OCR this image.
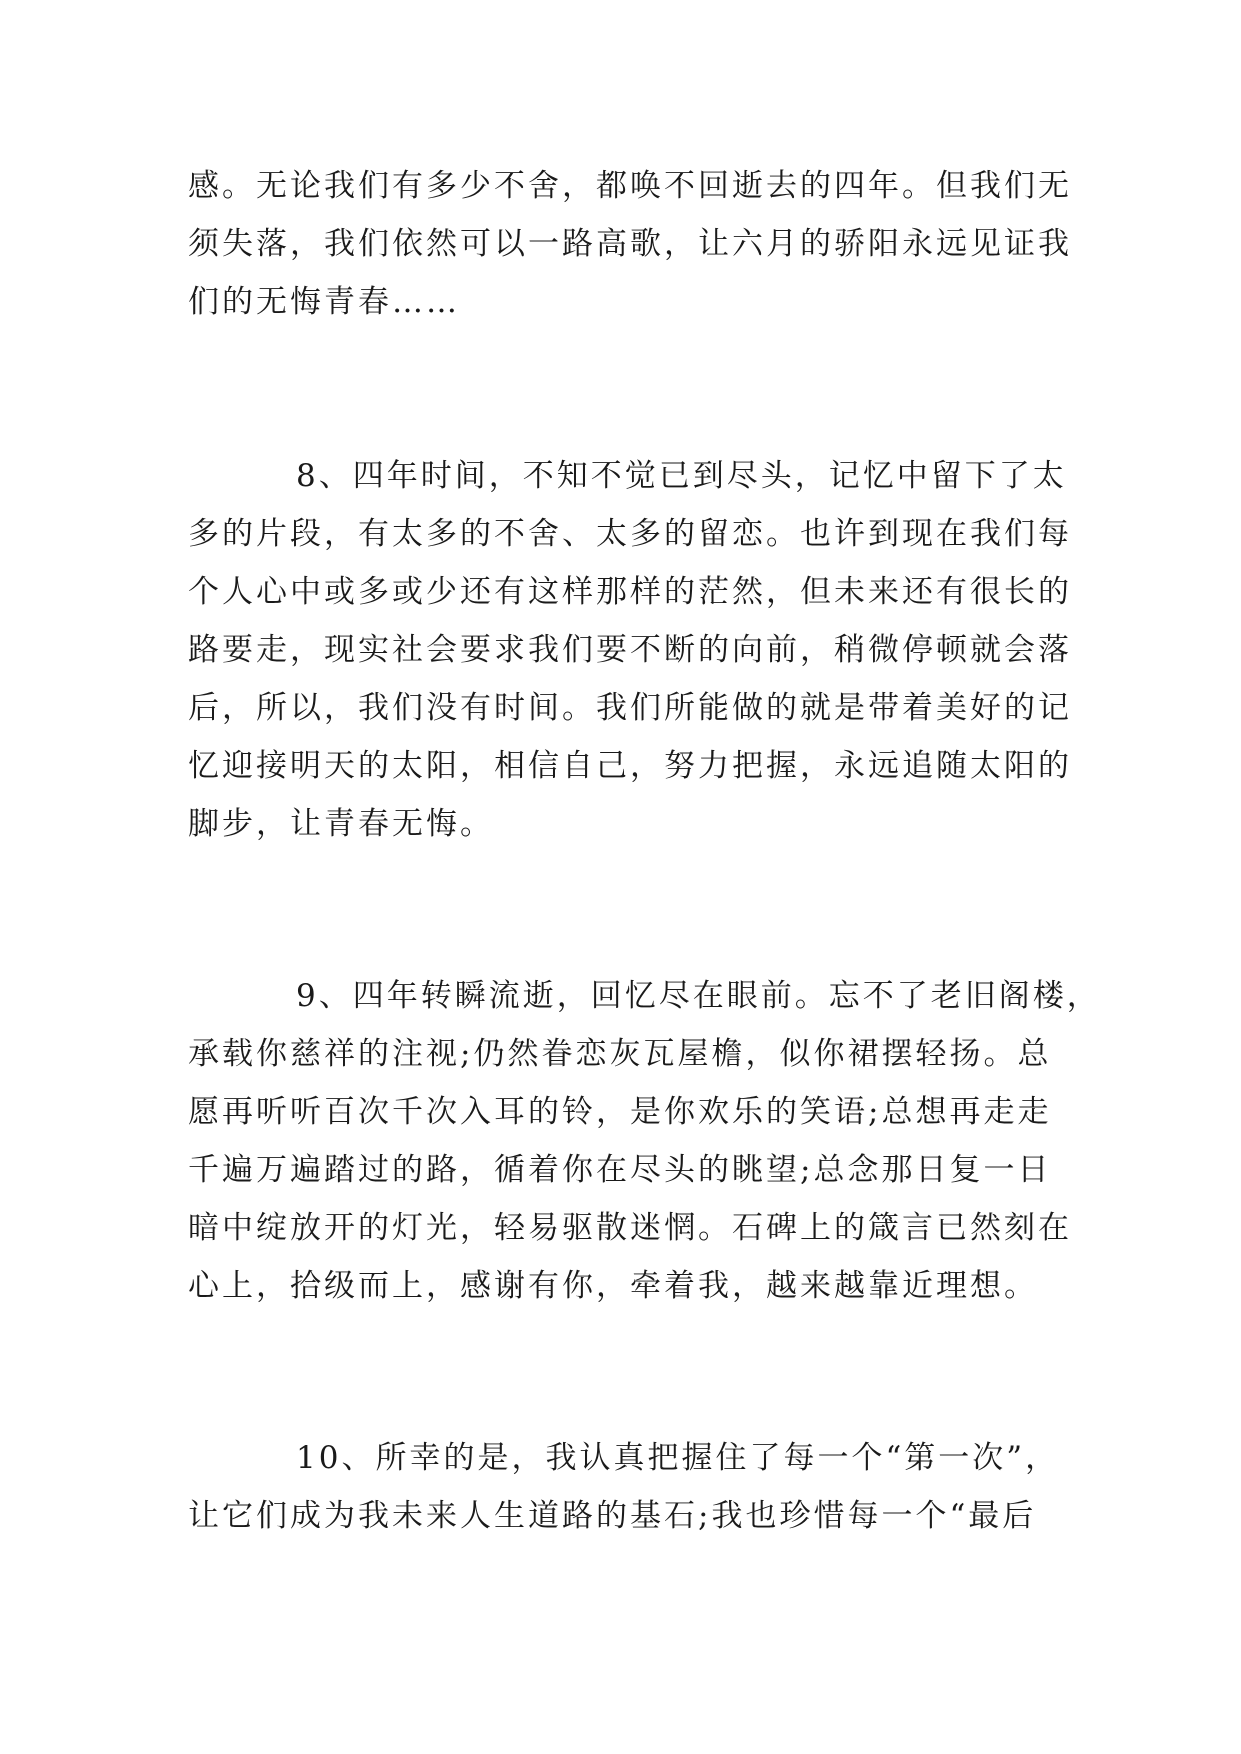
感。无论我们有多少不舍，都唤不回逝去的四年。但我们无
须失落，我们依然可以一路高歌，让六月的骄阳永远见证我
们的无悔青春……
8、四年时间，不知不觉已到尽头，记忆中留下了太
多的片段，有太多的不舍、太多的留恋。也许到现在我们每
个人心中或多或少还有这样那样的茫然，但未来还有很长的
路要走，现实社会要求我们要不断的向前，稍微停顿就会落
后，所以，我们没有时间。我们所能做的就是带着美好的记
忆迎接明天的太阳，相信自己，努力把握，永远追随太阳的
脚步，让青春无悔。
9、四年转瞬流逝，回忆尽在眼前。忘不了老旧阁楼，
承载你慈祥的注视;仍然眷恋灰瓦屋檐，似你裙摆轻扬。总
愿再听听百次千次入耳的铃，是你欢乐的笑语;总想再走走
千遍万遍踏过的路，循着你在尽头的眺望;总念那日复一日
暗中绽放开的灯光，轻易驱散迷惘。石碑上的箴言已然刻在
心上，拾级而上，感谢有你，牵着我，越来越靠近理想。
10、所幸的是，我认真把握住了每一个“第一次”，
让它们成为我未来人生道路的基石;我也珍惜每一个“最后
